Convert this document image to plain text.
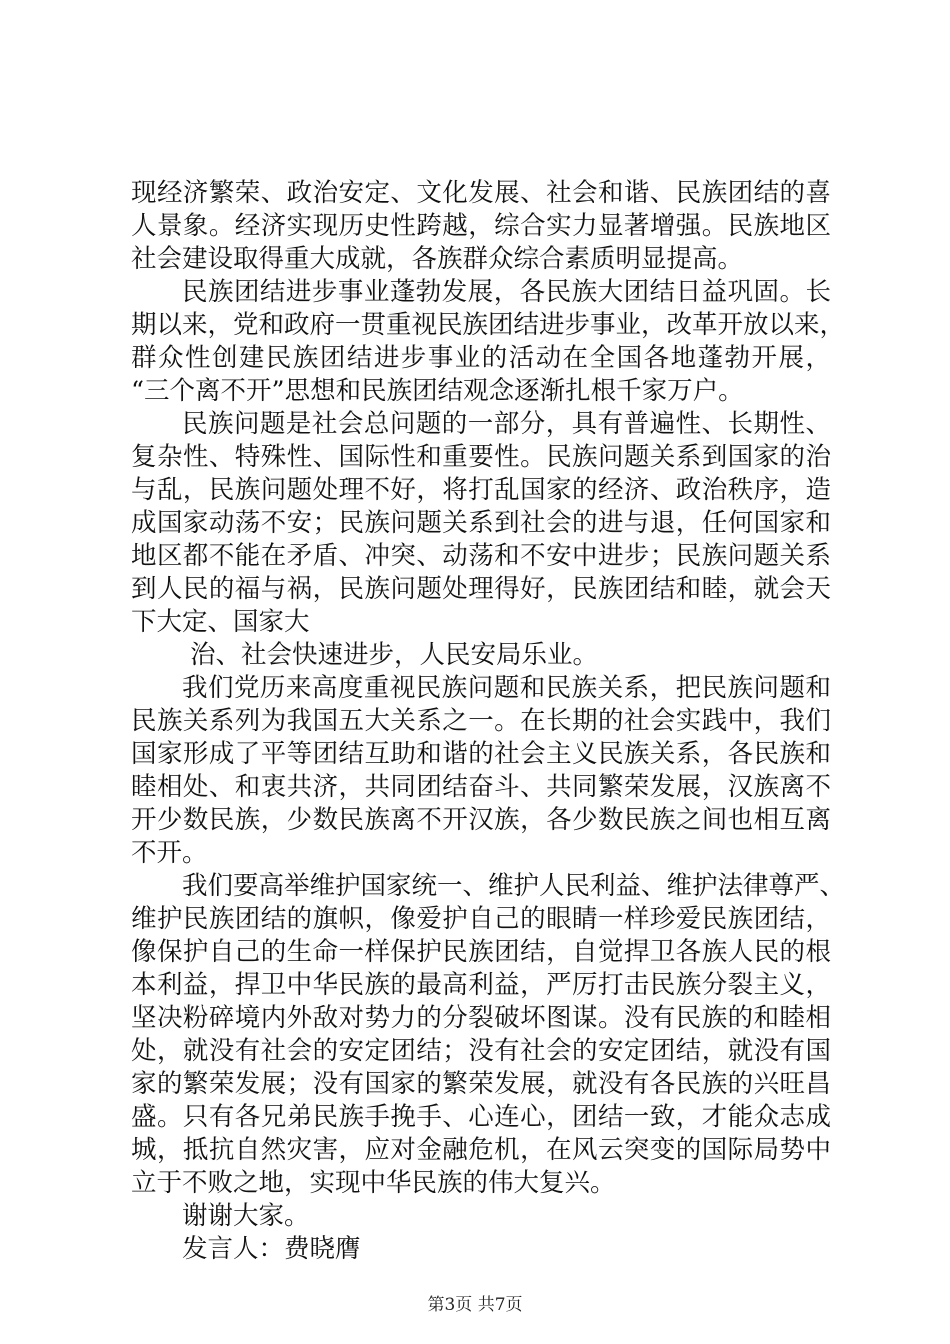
现经济繁荣、政治安定、文化发展、社会和谐、民族团结的喜
人景象。经济实现历史性跨越，综合实力显著增强。民族地区
社会建设取得重大成就，各族群众综合素质明显提高。
民族团结进步事业蓬勃发展，各民族大团结日益巩固。长
期以来，党和政府一贯重视民族团结进步事业，改革开放以来，
群众性创建民族团结进步事业的活动在全国各地蓬勃开展，
“三个离不开”思想和民族团结观念逐渐扎根千家万户。
民族问题是社会总问题的一部分，具有普遍性、长期性、
复杂性、特殊性、国际性和重要性。民族问题关系到国家的治
与乱，民族问题处理不好，将打乱国家的经济、政治秩序，造
成国家动荡不安；民族问题关系到社会的进与退，任何国家和
地区都不能在矛盾、冲突、动荡和不安中进步；民族问题关系
到人民的福与祸，民族问题处理得好，民族团结和睦，就会天
下大定、国家大
治、社会快速进步，人民安局乐业。
我们党历来高度重视民族问题和民族关系，把民族问题和
民族关系列为我国五大关系之一。在长期的社会实践中，我们
国家形成了平等团结互助和谐的社会主义民族关系，各民族和
睦相处、和衷共济，共同团结奋斗、共同繁荣发展，汉族离不
开少数民族，少数民族离不开汉族，各少数民族之间也相互离
不开。
我们要高举维护国家统一、维护人民利益、维护法律尊严、
维护民族团结的旗帜，像爱护自己的眼睛一样珍爱民族团结，
像保护自己的生命一样保护民族团结，自觉捍卫各族人民的根
本利益，捍卫中华民族的最高利益，严厉打击民族分裂主义，
坚决粉碎境内外敌对势力的分裂破坏图谋。没有民族的和睦相
处，就没有社会的安定团结；没有社会的安定团结，就没有国
家的繁荣发展；没有国家的繁荣发展，就没有各民族的兴旺昌
盛。只有各兄弟民族手挽手、心连心，团结一致，才能众志成
城，抵抗自然灾害，应对金融危机，在风云突变的国际局势中
立于不败之地，实现中华民族的伟大复兴。
谢谢大家。
发言人：费晓膺
第3页 共7页
